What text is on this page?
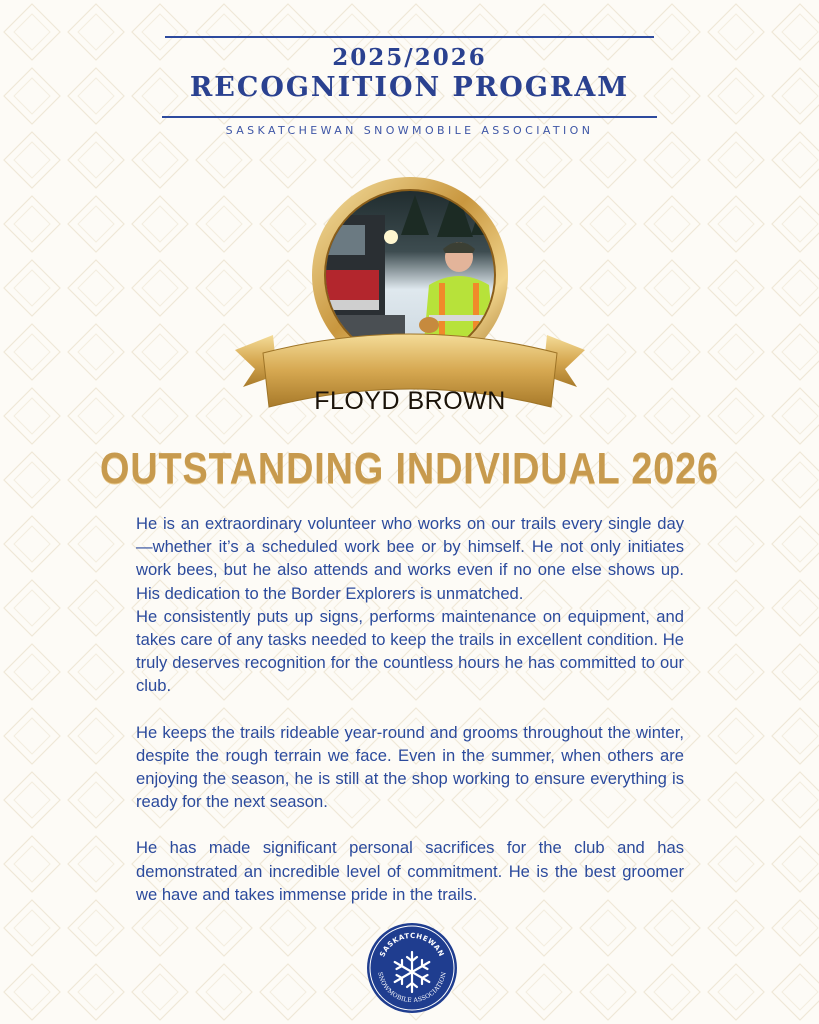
2025/2026
RECOGNITION PROGRAM
SASKATCHEWAN SNOWMOBILE ASSOCIATION
FLOYD BROWN
OUTSTANDING INDIVIDUAL 2026

He is an extraordinary volunteer who works on our trails every single day—whether it’s a scheduled work bee or by himself. He not only initiates work bees, but he also attends and works even if no one else shows up. His dedication to the Border Explorers is unmatched.

He consistently puts up signs, performs maintenance on equipment, and takes care of any tasks needed to keep the trails in excellent condition. He truly deserves recognition for the countless hours he has committed to our club.

He keeps the trails rideable year-round and grooms throughout the winter, despite the rough terrain we face. Even in the summer, when others are enjoying the season, he is still at the shop working to ensure everything is ready for the next season.

He has made significant personal sacrifices for the club and has demonstrated an incredible level of commitment. He is the best groomer we have and takes immense pride in the trails.

SASKATCHEWAN
SNOWMOBILE ASSOCIATION
